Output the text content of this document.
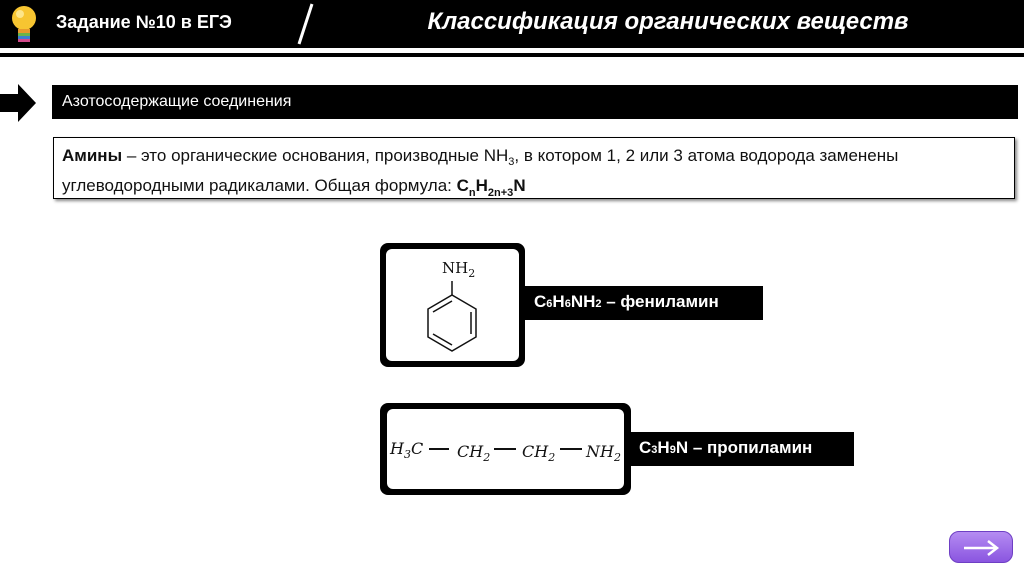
Задание №10 в ЕГЭ	Классификация органических веществ
Азотосодержащие соединения
Амины – это органические основания, производные $NH_3$, в котором 1, 2 или 3 атома водорода заменены углеводородными радикалами. Общая формула: $C_nH_{2n+3}N$
$NH_2$
C6H6NH2 – фениламин
$H_3C$ $CH_2$ $CH_2$ $NH_2$
C3H9N – пропиламин
